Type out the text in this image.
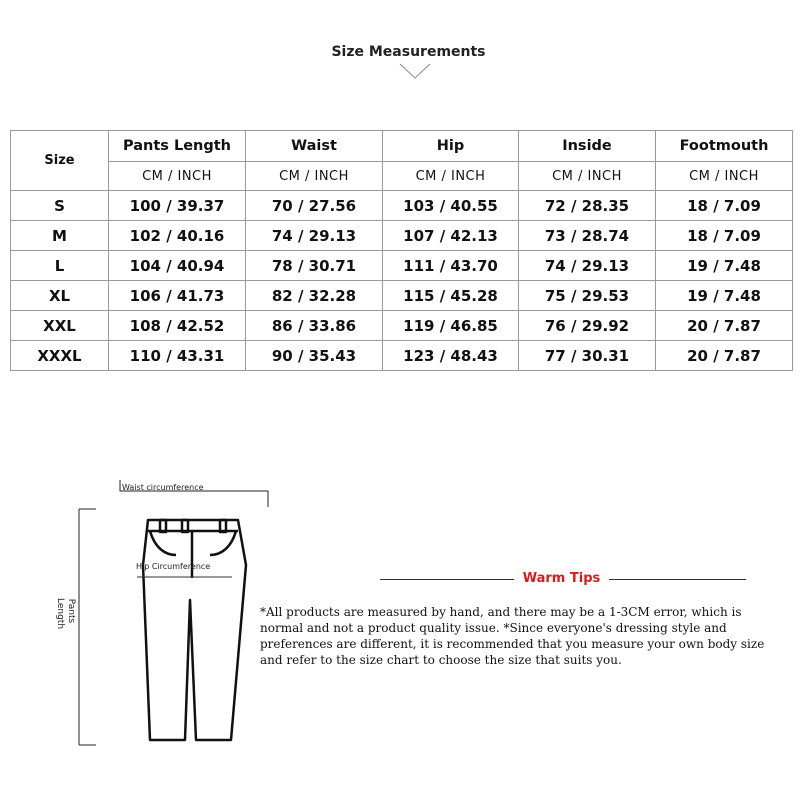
Size Measurements
Size	Pants Length	Waist	Hip	Inside	Footmouth
	CM / INCH	CM / INCH	CM / INCH	CM / INCH	CM / INCH
S	100 / 39.37	70 / 27.56	103 / 40.55	72 / 28.35	18 / 7.09
M	102 / 40.16	74 / 29.13	107 / 42.13	73 / 28.74	18 / 7.09
L	104 / 40.94	78 / 30.71	111 / 43.70	74 / 29.13	19 / 7.48
XL	106 / 41.73	82 / 32.28	115 / 45.28	75 / 29.53	19 / 7.48
XXL	108 / 42.52	86 / 33.86	119 / 46.85	76 / 29.92	20 / 7.87
XXXL	110 / 43.31	90 / 35.43	123 / 48.43	77 / 30.31	20 / 7.87
Waist circumference
Hip Circumference
Pants Length
Warm Tips
*All products are measured by hand, and there may be a 1-3CM error, which is normal and not a product quality issue. *Since everyone's dressing style and preferences are different, it is recommended that you measure your own body size and refer to the size chart to choose the size that suits you.
